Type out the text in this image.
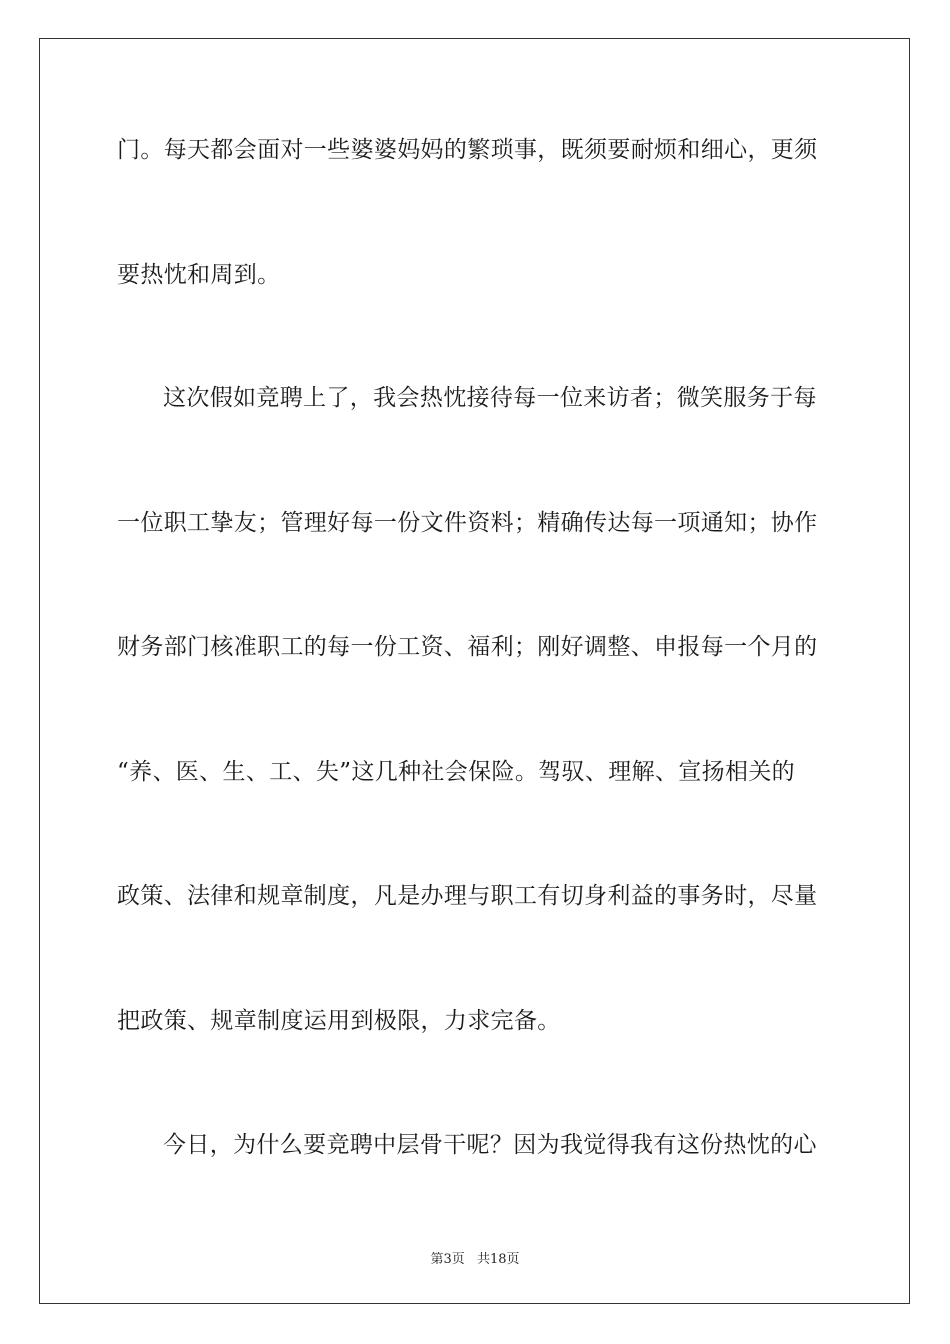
门。每天都会面对一些婆婆妈妈的繁琐事，既须要耐烦和细心，更须
要热忱和周到。
这次假如竞聘上了，我会热忱接待每一位来访者；微笑服务于每
一位职工挚友；管理好每一份文件资料；精确传达每一项通知；协作
财务部门核准职工的每一份工资、福利；刚好调整、申报每一个月的
“养、医、生、工、失”这几种社会保险。驾驭、理解、宣扬相关的
政策、法律和规章制度，凡是办理与职工有切身利益的事务时，尽量
把政策、规章制度运用到极限，力求完备。
今日，为什么要竞聘中层骨干呢？因为我觉得我有这份热忱的心
第3页 共18页
